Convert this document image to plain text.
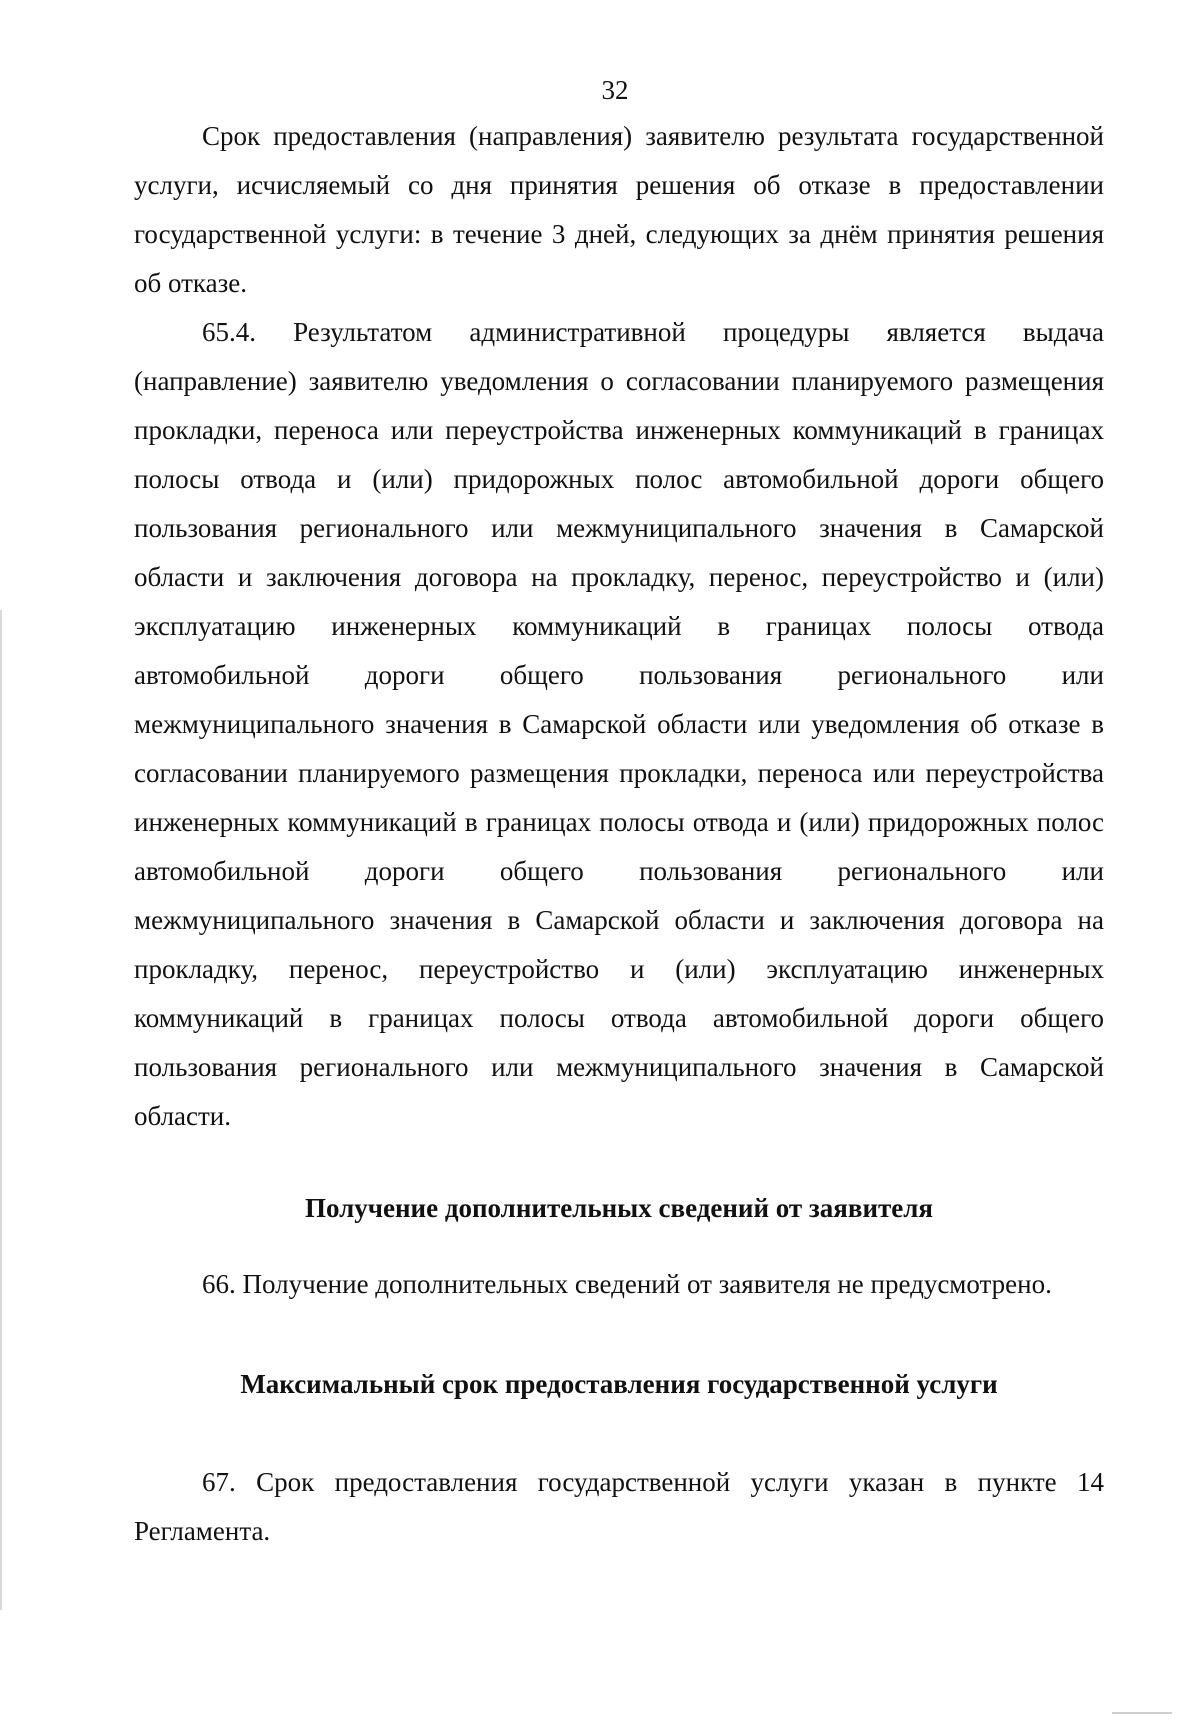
32

Срок предоставления (направления) заявителю результата государственной услуги, исчисляемый со дня принятия решения об отказе в предоставлении государственной услуги: в течение 3 дней, следующих за днём принятия решения об отказе.

65.4. Результатом административной процедуры является выдача (направление) заявителю уведомления о согласовании планируемого размещения прокладки, переноса или переустройства инженерных коммуникаций в границах полосы отвода и (или) придорожных полос автомобильной дороги общего пользования регионального или межмуниципального значения в Самарской области и заключения договора на прокладку, перенос, переустройство и (или) эксплуатацию инженерных коммуникаций в границах полосы отвода автомобильной дороги общего пользования регионального или межмуниципального значения в Самарской области или уведомления об отказе в согласовании планируемого размещения прокладки, переноса или переустройства инженерных коммуникаций в границах полосы отвода и (или) придорожных полос автомобильной дороги общего пользования регионального или межмуниципального значения в Самарской области и заключения договора на прокладку, перенос, переустройство и (или) эксплуатацию инженерных коммуникаций в границах полосы отвода автомобильной дороги общего пользования регионального или межмуниципального значения в Самарской области.

Получение дополнительных сведений от заявителя

66. Получение дополнительных сведений от заявителя не предусмотрено.

Максимальный срок предоставления государственной услуги

67. Срок предоставления государственной услуги указан в пункте 14 Регламента.
